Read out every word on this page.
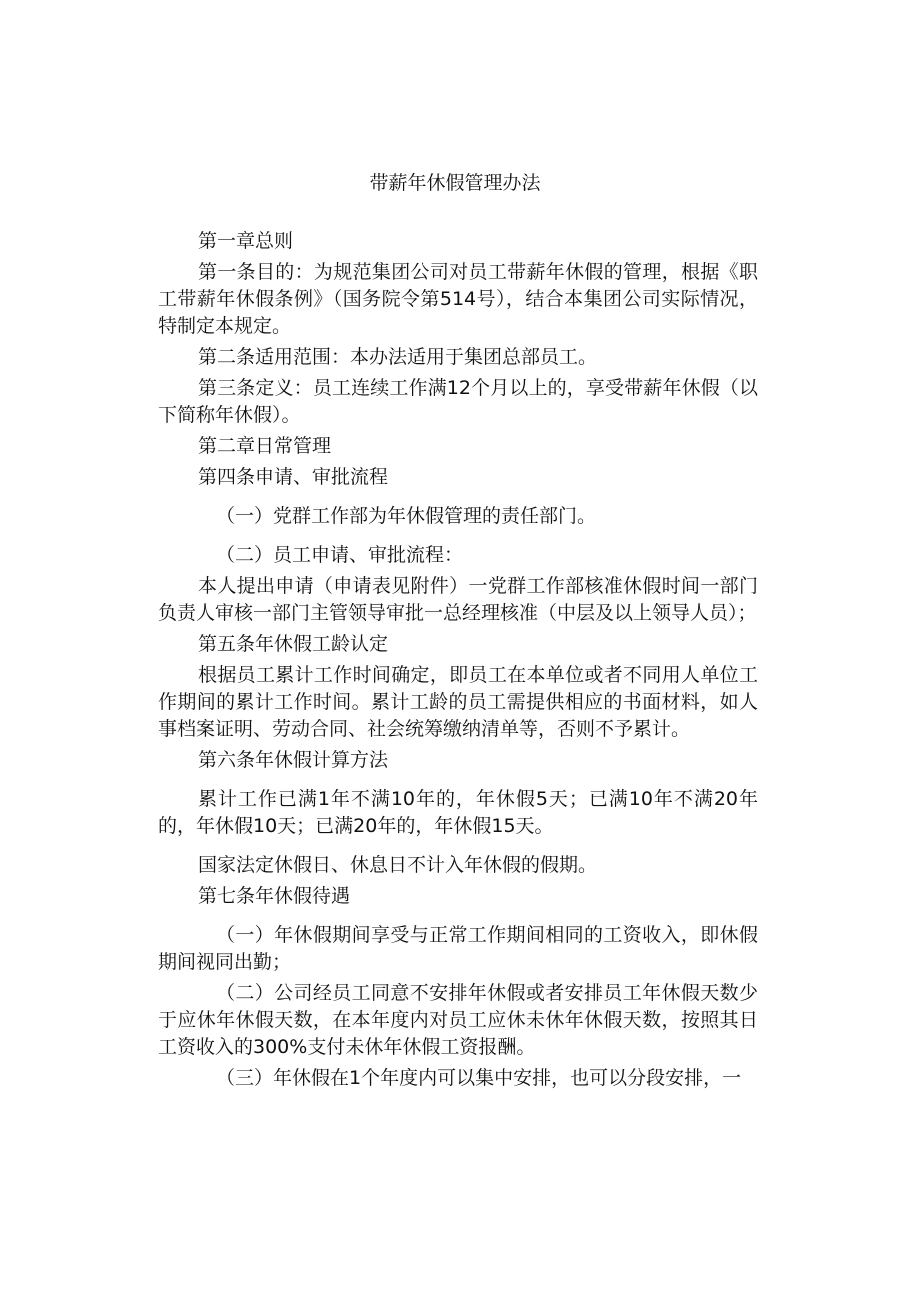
带薪年休假管理办法

第一章总则

第一条目的：为规范集团公司对员工带薪年休假的管理，根据《职工带薪年休假条例》（国务院令第514号），结合本集团公司实际情况，特制定本规定。

第二条适用范围：本办法适用于集团总部员工。

第三条定义：员工连续工作满12个月以上的，享受带薪年休假（以下简称年休假）。

第二章日常管理

第四条申请、审批流程

（一）党群工作部为年休假管理的责任部门。

（二）员工申请、审批流程：

本人提出申请（申请表见附件）一党群工作部核准休假时间一部门负责人审核一部门主管领导审批一总经理核准（中层及以上领导人员）；

第五条年休假工龄认定

根据员工累计工作时间确定，即员工在本单位或者不同用人单位工作期间的累计工作时间。累计工龄的员工需提供相应的书面材料，如人事档案证明、劳动合同、社会统筹缴纳清单等，否则不予累计。

第六条年休假计算方法

累计工作已满1年不满10年的，年休假5天；已满10年不满20年的，年休假10天；已满20年的，年休假15天。

国家法定休假日、休息日不计入年休假的假期。

第七条年休假待遇

（一）年休假期间享受与正常工作期间相同的工资收入，即休假期间视同出勤；

（二）公司经员工同意不安排年休假或者安排员工年休假天数少于应休年休假天数，在本年度内对员工应休未休年休假天数，按照其日工资收入的300%支付未休年休假工资报酬。

（三）年休假在1个年度内可以集中安排，也可以分段安排，一
